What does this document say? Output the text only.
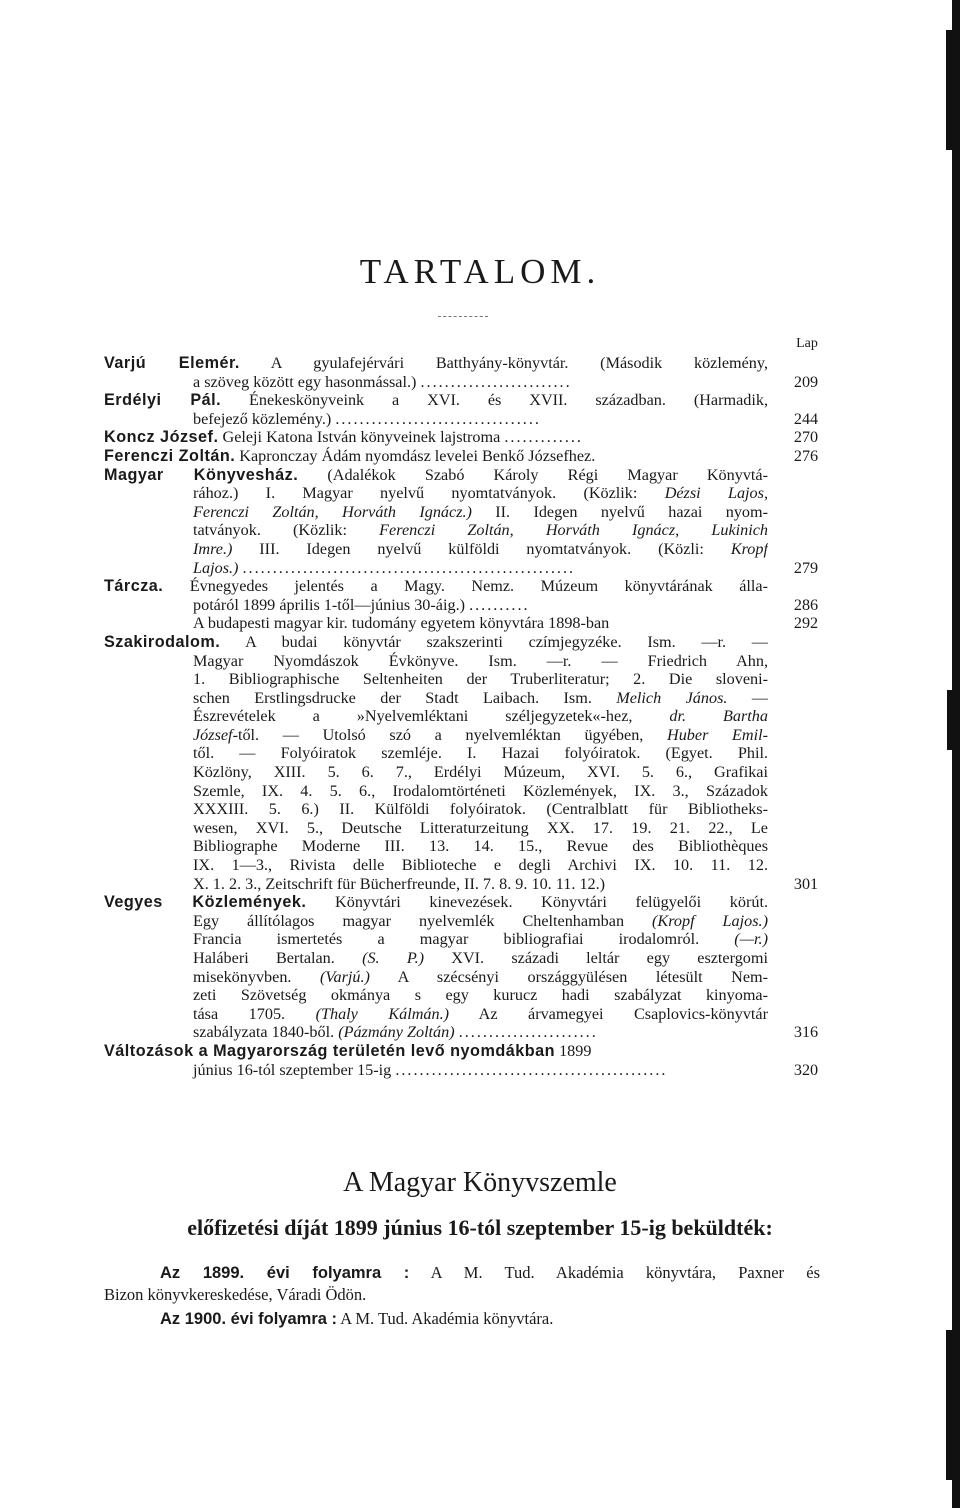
TARTALOM.
Lap
Varjú Elemér. A gyulafejérvári Batthyány-könyvtár. (Második közlemény,
a szöveg között egy hasonmással.) .........................	209
Erdélyi Pál. Énekeskönyveink a XVI. és XVII. században. (Harmadik,
befejező közlemény.) ..................................	244
Koncz József. Geleji Katona István könyveinek lajstroma .............	270
Ferenczi Zoltán. Kapronczay Ádám nyomdász levelei Benkő Józsefhez.	276
Magyar Könyvesház. (Adalékok Szabó Károly Régi Magyar Könyvtá-
rához.) I. Magyar nyelvű nyomtatványok. (Közlik: Dézsi Lajos,
Ferenczi Zoltán, Horváth Ignácz.) II. Idegen nyelvű hazai nyom-
tatványok. (Közlik: Ferenczi Zoltán, Horváth Ignácz, Lukinich
Imre.) III. Idegen nyelvű külföldi nyomtatványok. (Közli: Kropf
Lajos.) .......................................................	279
Tárcza. Évnegyedes jelentés a Magy. Nemz. Múzeum könyvtárának álla-
potáról 1899 április 1-től—június 30-áig.) ..........	286
A budapesti magyar kir. tudomány egyetem könyvtára 1898-ban	292
Szakirodalom. A budai könyvtár szakszerinti czímjegyzéke. Ism. —r. —
Magyar Nyomdászok Évkönyve. Ism. —r. — Friedrich Ahn,
1. Bibliographische Seltenheiten der Truberliteratur; 2. Die sloveni-
schen Erstlingsdrucke der Stadt Laibach. Ism. Melich János. —
Észrevételek a »Nyelvemléktani széljegyzetek«-hez, dr. Bartha
József-től. — Utolsó szó a nyelvemléktan ügyében, Huber Emil-
től. — Folyóiratok szemléje. I. Hazai folyóiratok. (Egyet. Phil.
Közlöny, XIII. 5. 6. 7., Erdélyi Múzeum, XVI. 5. 6., Grafikai
Szemle, IX. 4. 5. 6., Irodalomtörténeti Közlemények, IX. 3., Századok
XXXIII. 5. 6.) II. Külföldi folyóiratok. (Centralblatt für Bibliotheks-
wesen, XVI. 5., Deutsche Litteraturzeitung XX. 17. 19. 21. 22., Le
Bibliographe Moderne III. 13. 14. 15., Revue des Bibliothèques
IX. 1—3., Rivista delle Biblioteche e degli Archivi IX. 10. 11. 12.
X. 1. 2. 3., Zeitschrift für Bücherfreunde, II. 7. 8. 9. 10. 11. 12.)	301
Vegyes Közlemények. Könyvtári kinevezések. Könyvtári felügyelői körút.
Egy állítólagos magyar nyelvemlék Cheltenhamban (Kropf Lajos.)
Francia ismertetés a magyar bibliografiai irodalomról. (—r.)
Haláberi Bertalan. (S. P.) XVI. századi leltár egy esztergomi
misekönyvben. (Varjú.) A szécsényi országgyülésen létesült Nem-
zeti Szövetség okmánya s egy kurucz hadi szabályzat kinyoma-
tása 1705. (Thaly Kálmán.) Az árvamegyei Csaplovics-könyvtár
szabályzata 1840-ből. (Pázmány Zoltán) .......................	316
Változások a Magyarország területén levő nyomdákban 1899
június 16-tól szeptember 15-ig .............................................	320
A Magyar Könyvszemle
előfizetési díját 1899 június 16-tól szeptember 15-ig beküldték:
Az 1899. évi folyamra : A M. Tud. Akadémia könyvtára, Paxner és
Bizon könyvkereskedése, Váradi Ödön.
Az 1900. évi folyamra : A M. Tud. Akadémia könyvtára.
